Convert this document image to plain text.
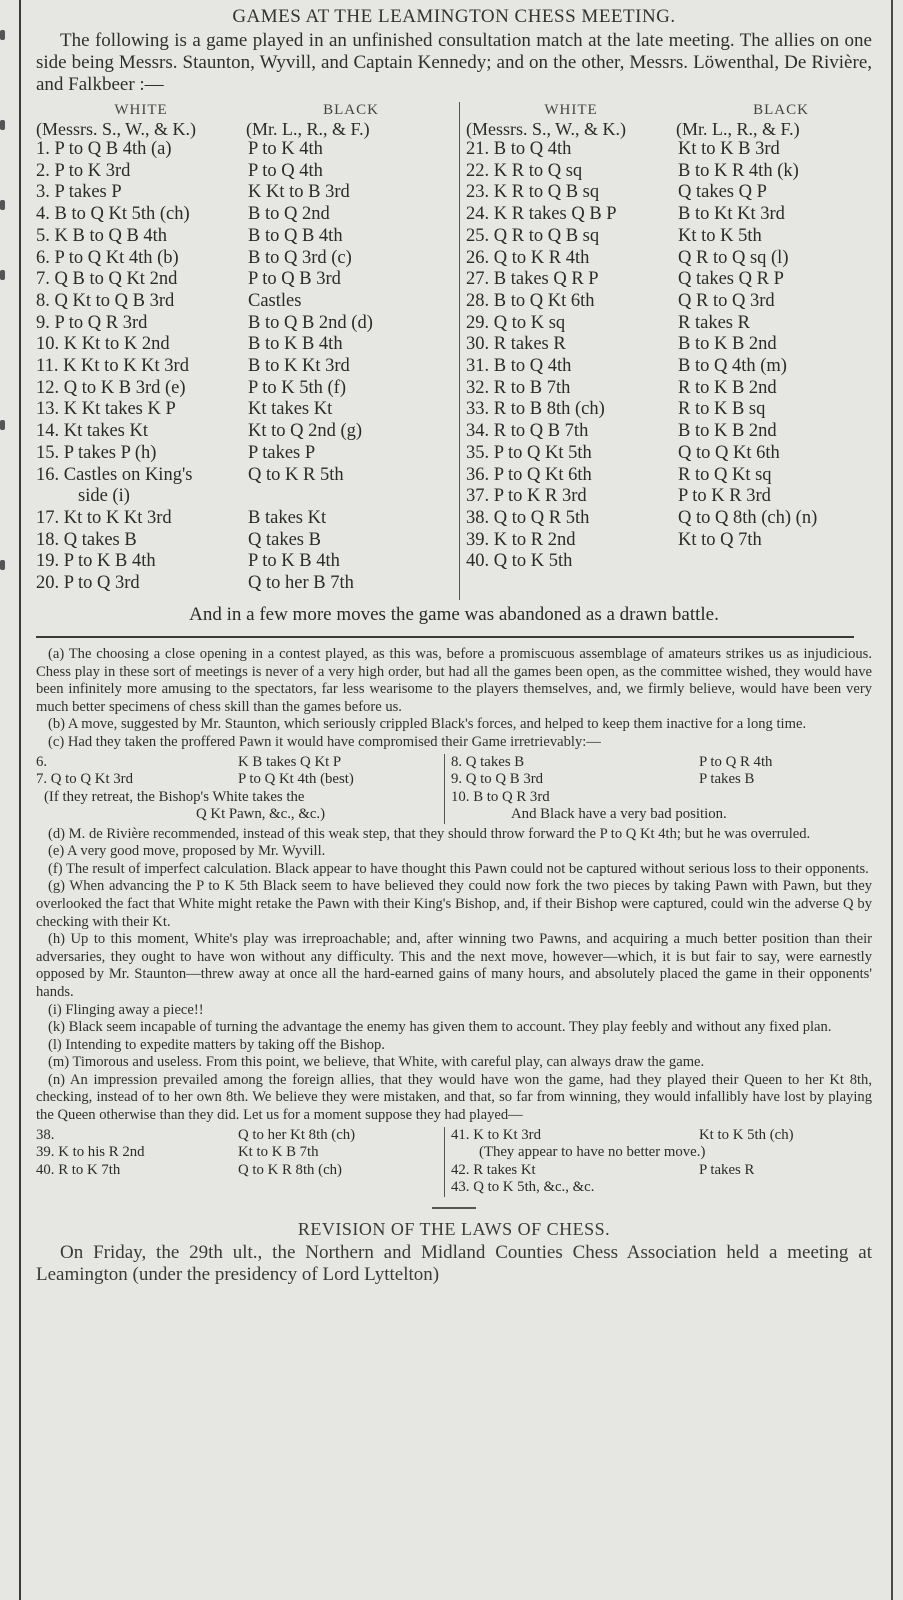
GAMES AT THE LEAMINGTON CHESS MEETING.

The following is a game played in an unfinished consultation match at the late meeting. The allies on one side being Messrs. Staunton, Wyvill, and Captain Kennedy; and on the other, Messrs. Löwenthal, De Rivière, and Falkbeer :—

WHITE	BLACK
(Messrs. S., W., & K.)	(Mr. L., R., & F.)
1. P to Q B 4th (a)	P to K 4th
2. P to K 3rd	P to Q 4th
3. P takes P	K Kt to B 3rd
4. B to Q Kt 5th (ch)	B to Q 2nd
5. K B to Q B 4th	B to Q B 4th
6. P to Q Kt 4th (b)	B to Q 3rd (c)
7. Q B to Q Kt 2nd	P to Q B 3rd
8. Q Kt to Q B 3rd	Castles
9. P to Q R 3rd	B to Q B 2nd (d)
10. K Kt to K 2nd	B to K B 4th
11. K Kt to K Kt 3rd	B to K Kt 3rd
12. Q to K B 3rd (e)	P to K 5th (f)
13. K Kt takes K P	Kt takes Kt
14. Kt takes Kt	Kt to Q 2nd (g)
15. P takes P (h)	P takes P
16. Castles on King's	Q to K R 5th
side (i)
17. Kt to K Kt 3rd	B takes Kt
18. Q takes B	Q takes B
19. P to K B 4th	P to K B 4th
20. P to Q 3rd	Q to her B 7th
WHITE	BLACK
(Messrs. S., W., & K.)	(Mr. L., R., & F.)
21. B to Q 4th	Kt to K B 3rd
22. K R to Q sq	B to K R 4th (k)
23. K R to Q B sq	Q takes Q P
24. K R takes Q B P	B to Kt Kt 3rd
25. Q R to Q B sq	Kt to K 5th
26. Q to K R 4th	Q R to Q sq (l)
27. B takes Q R P	Q takes Q R P
28. B to Q Kt 6th	Q R to Q 3rd
29. Q to K sq	R takes R
30. R takes R	B to K B 2nd
31. B to Q 4th	B to Q 4th (m)
32. R to B 7th	R to K B 2nd
33. R to B 8th (ch)	R to K B sq
34. R to Q B 7th	B to K B 2nd
35. P to Q Kt 5th	Q to Q Kt 6th
36. P to Q Kt 6th	R to Q Kt sq
37. P to K R 3rd	P to K R 3rd
38. Q to Q R 5th	Q to Q 8th (ch) (n)
39. K to R 2nd	Kt to Q 7th
40. Q to K 5th
And in a few more moves the game was abandoned as a drawn battle.

(a) The choosing a close opening in a contest played, as this was, before a promiscuous assemblage of amateurs strikes us as injudicious. Chess play in these sort of meetings is never of a very high order, but had all the games been open, as the committee wished, they would have been infinitely more amusing to the spectators, far less wearisome to the players themselves, and, we firmly believe, would have been very much better specimens of chess skill than the games before us.

(b) A move, suggested by Mr. Staunton, which seriously crippled Black's forces, and helped to keep them inactive for a long time.

(c) Had they taken the proffered Pawn it would have compromised their Game irretrievably:—

6.	K B takes Q Kt P
7. Q to Q Kt 3rd	P to Q Kt 4th (best)
(If they retreat, the Bishop's White takes the
Q Kt Pawn, &c., &c.)
8. Q takes B	P to Q R 4th
9. Q to Q B 3rd	P takes B
10. B to Q R 3rd
And Black have a very bad position.

(d) M. de Rivière recommended, instead of this weak step, that they should throw forward the P to Q Kt 4th; but he was overruled.

(e) A very good move, proposed by Mr. Wyvill.

(f) The result of imperfect calculation. Black appear to have thought this Pawn could not be captured without serious loss to their opponents.

(g) When advancing the P to K 5th Black seem to have believed they could now fork the two pieces by taking Pawn with Pawn, but they overlooked the fact that White might retake the Pawn with their King's Bishop, and, if their Bishop were captured, could win the adverse Q by checking with their Kt.

(h) Up to this moment, White's play was irreproachable; and, after winning two Pawns, and acquiring a much better position than their adversaries, they ought to have won without any difficulty. This and the next move, however—which, it is but fair to say, were earnestly opposed by Mr. Staunton—threw away at once all the hard-earned gains of many hours, and absolutely placed the game in their opponents' hands.

(i) Flinging away a piece!!

(k) Black seem incapable of turning the advantage the enemy has given them to account. They play feebly and without any fixed plan.

(l) Intending to expedite matters by taking off the Bishop.

(m) Timorous and useless. From this point, we believe, that White, with careful play, can always draw the game.

(n) An impression prevailed among the foreign allies, that they would have won the game, had they played their Queen to her Kt 8th, checking, instead of to her own 8th. We believe they were mistaken, and that, so far from winning, they would infallibly have lost by playing the Queen otherwise than they did. Let us for a moment suppose they had played—

38.	Q to her Kt 8th (ch)
39. K to his R 2nd	Kt to K B 7th
40. R to K 7th	Q to K R 8th (ch)
41. K to Kt 3rd	Kt to K 5th (ch)
(They appear to have no better move.)
42. R takes Kt	P takes R
43. Q to K 5th, &c., &c.
REVISION OF THE LAWS OF CHESS.

On Friday, the 29th ult., the Northern and Midland Counties Chess Association held a meeting at Leamington (under the presidency of Lord Lyttelton)
